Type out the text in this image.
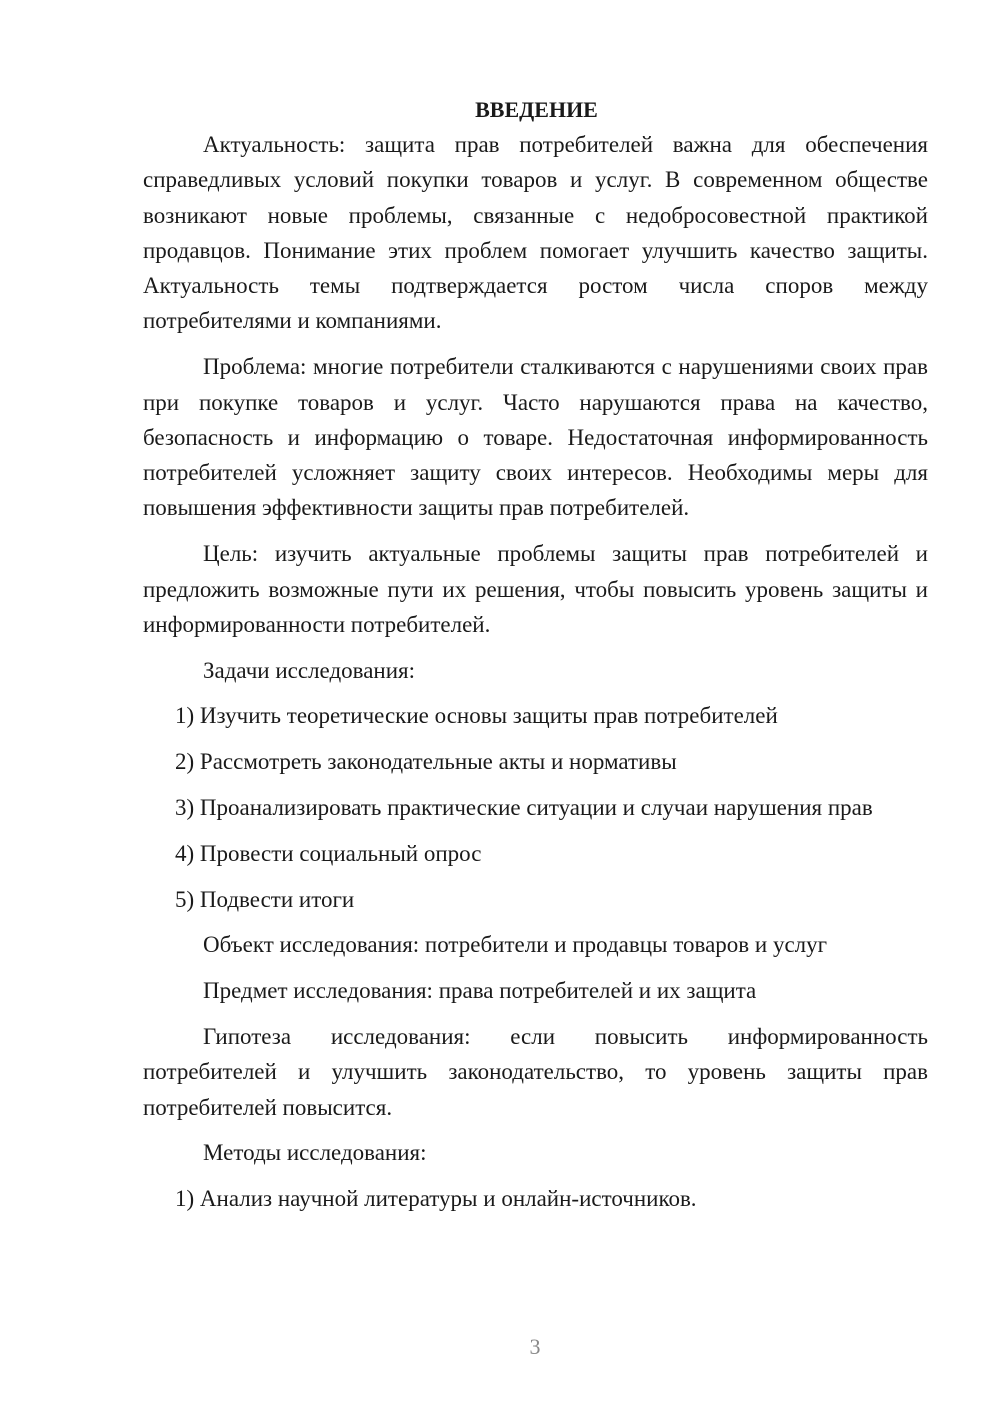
ВВЕДЕНИЕ

Актуальность: защита прав потребителей важна для обеспечения справедливых условий покупки товаров и услуг. В современном обществе возникают новые проблемы, связанные с недобросовестной практикой продавцов. Понимание этих проблем помогает улучшить качество защиты. Актуальность темы подтверждается ростом числа споров между потребителями и компаниями.

Проблема: многие потребители сталкиваются с нарушениями своих прав при покупке товаров и услуг. Часто нарушаются права на качество, безопасность и информацию о товаре. Недостаточная информированность потребителей усложняет защиту своих интересов. Необходимы меры для повышения эффективности защиты прав потребителей.

Цель: изучить актуальные проблемы защиты прав потребителей и предложить возможные пути их решения, чтобы повысить уровень защиты и информированности потребителей.

Задачи исследования:

1) Изучить теоретические основы защиты прав потребителей

2) Рассмотреть законодательные акты и нормативы

3) Проанализировать практические ситуации и случаи нарушения прав

4) Провести социальный опрос

5) Подвести итоги

Объект исследования: потребители и продавцы товаров и услуг

Предмет исследования: права потребителей и их защита

Гипотеза исследования: если повысить информированность потребителей и улучшить законодательство, то уровень защиты прав потребителей повысится.

Методы исследования:

1) Анализ научной литературы и онлайн-источников.

3
